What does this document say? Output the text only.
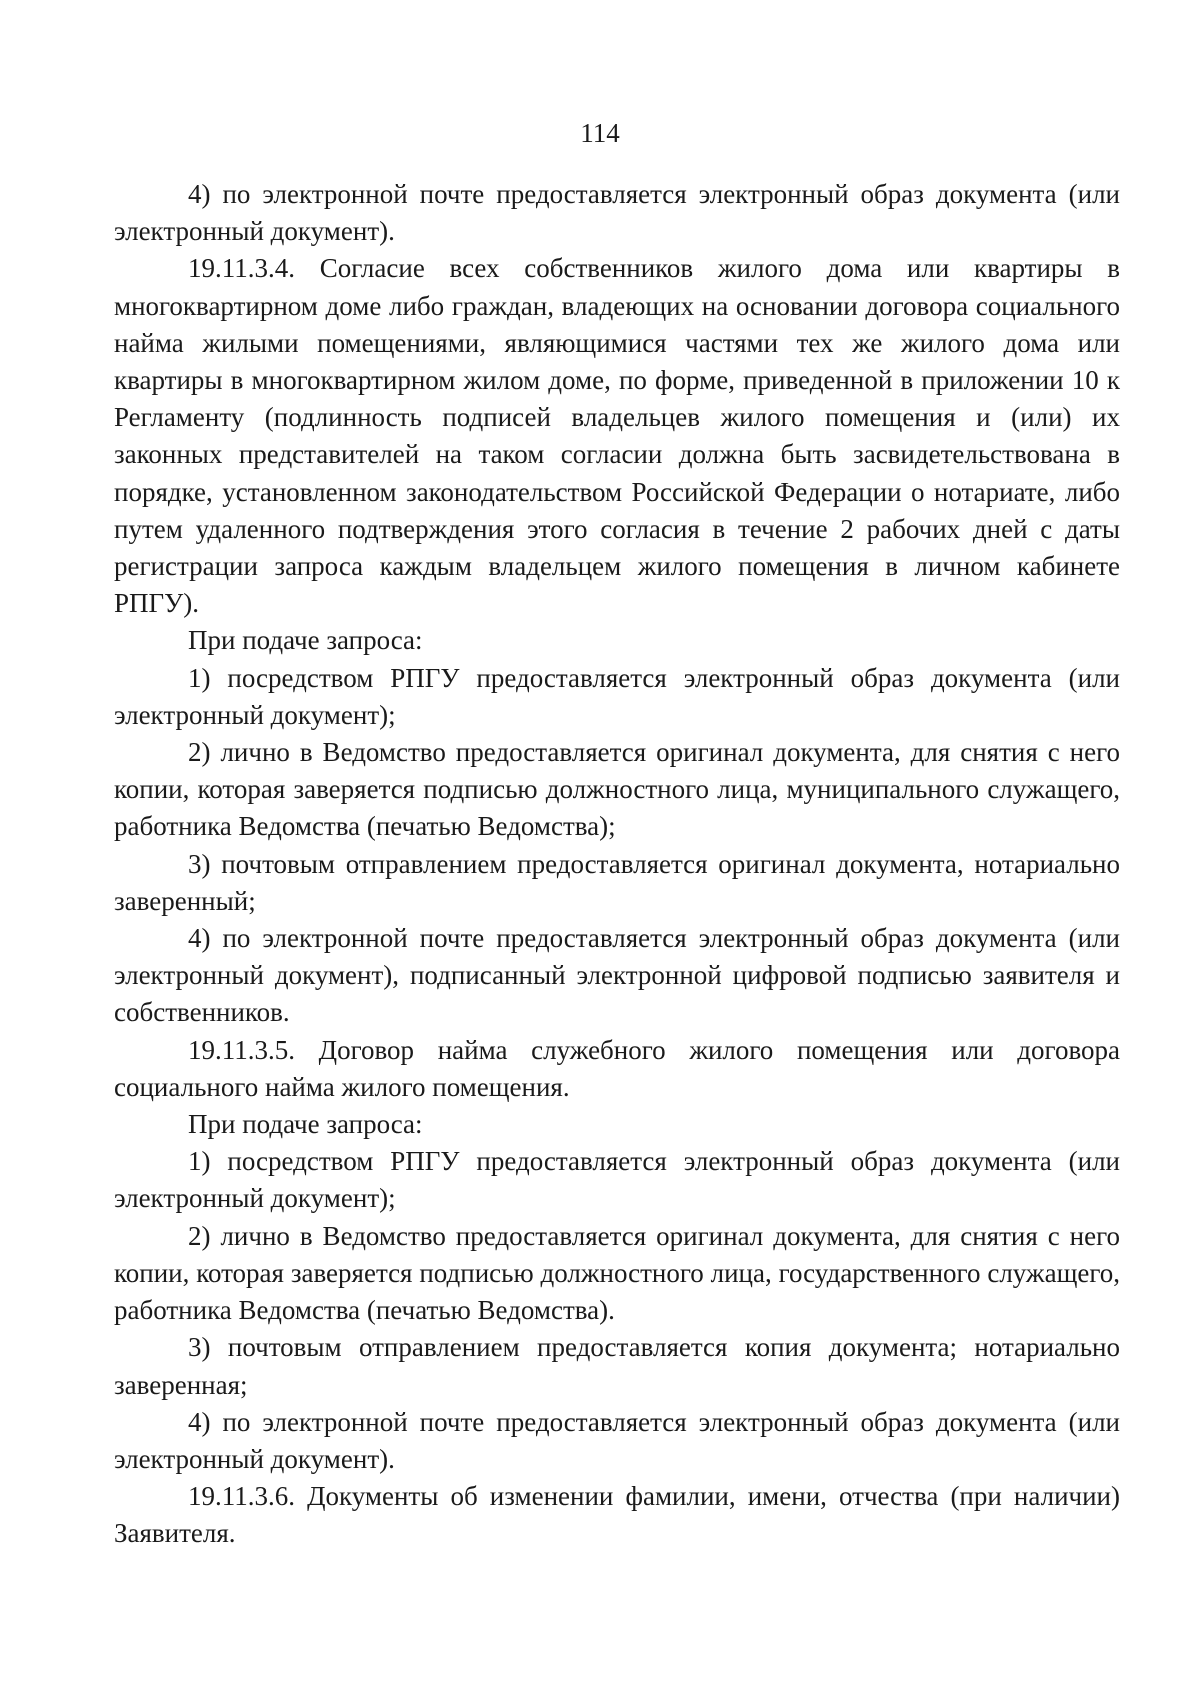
114

4) по электронной почте предоставляется электронный образ документа (или электронный документ).

19.11.3.4. Согласие всех собственников жилого дома или квартиры в многоквартирном доме либо граждан, владеющих на основании договора социального найма жилыми помещениями, являющимися частями тех же жилого дома или квартиры в многоквартирном жилом доме, по форме, приведенной в приложении 10 к Регламенту (подлинность подписей владельцев жилого помещения и (или) их законных представителей на таком согласии должна быть засвидетельствована в порядке, установленном законодательством Российской Федерации о нотариате, либо путем удаленного подтверждения этого согласия в течение 2 рабочих дней с даты регистрации запроса каждым владельцем жилого помещения в личном кабинете РПГУ).

При подаче запроса:

1) посредством РПГУ предоставляется электронный образ документа (или электронный документ);

2) лично в Ведомство предоставляется оригинал документа, для снятия с него копии, которая заверяется подписью должностного лица, муниципального служащего, работника Ведомства (печатью Ведомства);

3) почтовым отправлением предоставляется оригинал документа, нотариально заверенный;

4) по электронной почте предоставляется электронный образ документа (или электронный документ), подписанный электронной цифровой подписью заявителя и собственников.

19.11.3.5. Договор найма служебного жилого помещения или договора социального найма жилого помещения.

При подаче запроса:

1) посредством РПГУ предоставляется электронный образ документа (или электронный документ);

2) лично в Ведомство предоставляется оригинал документа, для снятия с него копии, которая заверяется подписью должностного лица, государственного служащего, работника Ведомства (печатью Ведомства).

3) почтовым отправлением предоставляется копия документа; нотариально заверенная;

4) по электронной почте предоставляется электронный образ документа (или электронный документ).

19.11.3.6. Документы об изменении фамилии, имени, отчества (при наличии) Заявителя.
